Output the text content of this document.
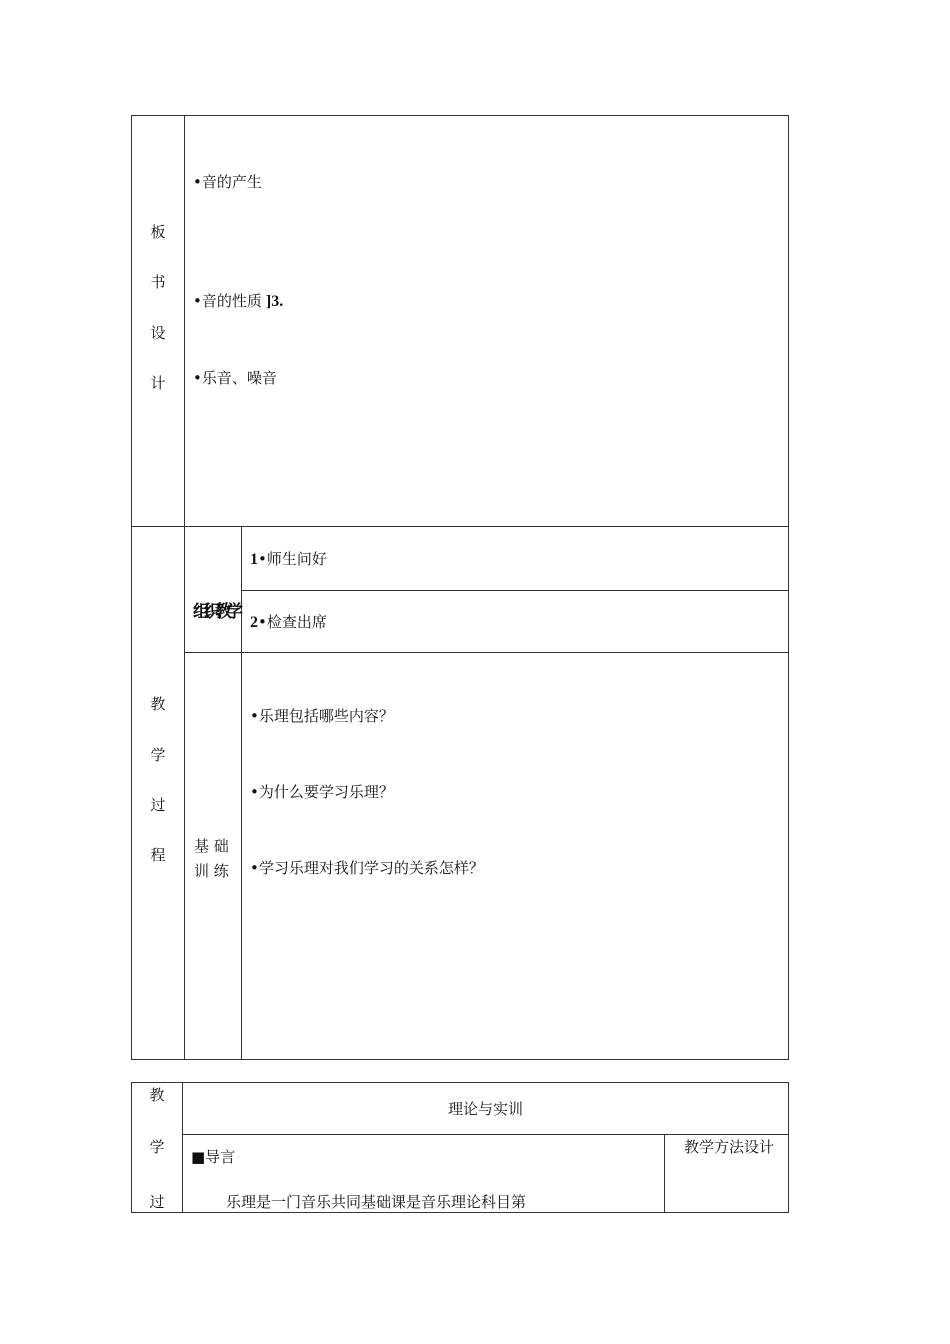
板
书
设
计
•音的产生
•音的性质 ]3.
•乐音、噪音
教
学
过
程
组织教学
1•师生问好
2•检查出席
基 础
训 练
•乐理包括哪些内容？
•为什么要学习乐理？
•学习乐理对我们学习的关系怎样？
教
学
过
理论与实训
教学方法设计
■导言
乐理是一门音乐共同基础课是音乐理论科目第
